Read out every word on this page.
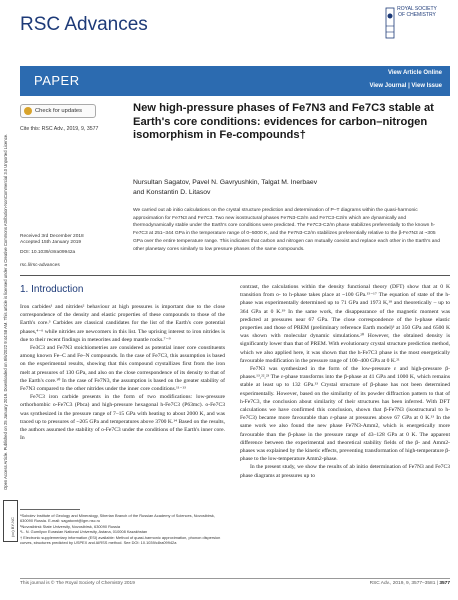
Open Access Article. Published on 25 January 2019. Downloaded on 8/6/2022 9:44:58 AM. This article is licensed under a Creative Commons Attribution-NonCommercial 3.0 Unported Licence.
(cc) BY-NC
RSC Advances
ROYAL SOCIETY OF CHEMISTRY
PAPER	View Article Online
View Journal | View Issue
Check for updates
Cite this: RSC Adv., 2019, 9, 3577
New high-pressure phases of Fe7N3 and Fe7C3 stable at Earth's core conditions: evidences for carbon–nitrogen isomorphism in Fe-compounds†
Nursultan Sagatov, Pavel N. Gavryushkin, Talgat M. Inerbaev
and Konstantin D. Litasov
We carried out ab initio calculations on the crystal structure prediction and determination of P–T diagrams within the quasi-harmonic approximation for Fe7N3 and Fe7C3. Two new isostructural phases Fe7N3-C2/m and Fe7C3-C2/m which are dynamically and thermodynamically stable under the Earth's core conditions were predicted. The Fe7C3-C2/m phase stabilizes preferentially to the known h-Fe7C3 at 251–344 GPa in the temperature range of 0–5000 K, and the Fe7N3-C2/m stabilizes preferentially relative to the β-Fe7N3 at ~305 GPa over the entire temperature range. This indicates that carbon and nitrogen can mutually coexist and replace each other in the Earth's and other planetary cores similarly to low pressure phases of the same compounds.
Received 3rd December 2018
Accepted 15th January 2019
DOI: 10.1039/c8ra09942a
rsc.li/rsc-advances
1. Introduction

Iron carbides¹ and nitrides² behaviour at high pressures is important due to the close correspondence of the density and elastic properties of these compounds to those of the Earth's core.³ Carbides are classical candidates for the list of the Earth's core potential phases,⁴⁻⁶ while nitrides are newcomers in this list. The uprising interest to iron nitrides is due to their recent findings in meteorites and deep mantle rocks.⁷⁻⁹

Fe3C3 and Fe7N3 stoichiometries are considered as potential inner core constituents among known Fe–C and Fe–N compounds. In the case of Fe7C3, this assumption is based on the experimental results, showing that this compound crystallizes first from the iron melt at pressures of 130 GPa, and also on the close correspondence of its density to that of the Earth's core.¹⁰ In the case of Fe7N3, the assumption is based on the greater stability of Fe7N3 compared to the other nitrides under the inner core conditions.¹¹⁻¹³

Fe7C3 iron carbide presents in the form of two modifications: low-pressure orthorhombic o-Fe7C3 (Pbca) and high-pressure hexagonal h-Fe7C3 (P63mc). o-Fe7C3 was synthesized in the pressure range of 7–15 GPa with heating to about 2000 K, and was traced up to pressures of ~205 GPa and temperatures above 3700 K.¹⁴ Based on the results, the authors assumed the stability of o-Fe7C3 under the conditions of the Earth's inner core. In

ᵃSobolev Institute of Geology and Mineralogy, Siberian Branch of the Russian Academy of Sciences, Novosibirsk, 630090 Russia. E-mail: sagatovnt@igm.nsc.ru

ᵇNovosibirsk State University, Novosibirsk, 630090 Russia

ᶜL. N. Gumilyov Eurasian National University, Astana, 010008 Kazakhstan

† Electronic supplementary information (ESI) available: Method of quasi-harmonic approximation, phonon dispersion curves, structures predicted by USPEX and AIRSS method. See DOI: 10.1039/c8ra09942a

contrast, the calculations within the density functional theory (DFT) show that at 0 K transition from o- to h-phase takes place at ~100 GPa.¹⁵⁻¹⁷ The equation of state of the h-phase was experimentally determined up to 71 GPa and 1973 K,¹⁸ and theoretically – up to 364 GPa at 0 K.¹⁹ In the same work, the disappearance of the magnetic moment was predicted at pressures near 67 GPa. The close correspondence of the h-phase elastic properties and those of PREM (preliminary reference Earth model)³ at 350 GPa and 6500 K was shown with molecular dynamic simulations.²⁰ However, the obtained density is significantly lower than that of PREM. With evolutionary crystal structure prediction method, which we also applied here, it was shown that the h-Fe7C3 phase is the most energetically favourable modification in the pressure range of 100–400 GPa at 0 K.²¹

Fe7N3 was synthesized in the form of the low-pressure ε and high-pressure β-phases.¹³,²²,²³ The ε-phase transforms into the β-phase at 41 GPa and 1000 K, which remains stable at least up to 132 GPa.¹³ Crystal structure of β-phase has not been determined experimentally. However, based on the similarity of its powder diffraction pattern to that of h-Fe7C3, the conclusion about similarity of their structures has been inferred. With DFT calculations we have confirmed this conclusion, shown that β-Fe7N3 (isostructural to h-Fe7C3) became more favourable than ε-phase at pressures above 67 GPa at 0 K.¹³ In the same work we also found the new phase Fe7N3-Amm2, which is energetically more favourable than the β-phase in the pressure range of 43–128 GPa at 0 K. The apparent difference between the experimental and theoretical stability fields of the β- and Amm2-phases was explained by the kinetic effects, preventing transformation of high-temperature β-phase to the low-temperature Amm2-phase.

In the present study, we show the results of ab initio determination of Fe7N3 and Fe7C3 phase diagrams at pressures up to

This journal is © The Royal Society of Chemistry 2019	RSC Adv., 2019, 9, 3577–3581 | 3577
